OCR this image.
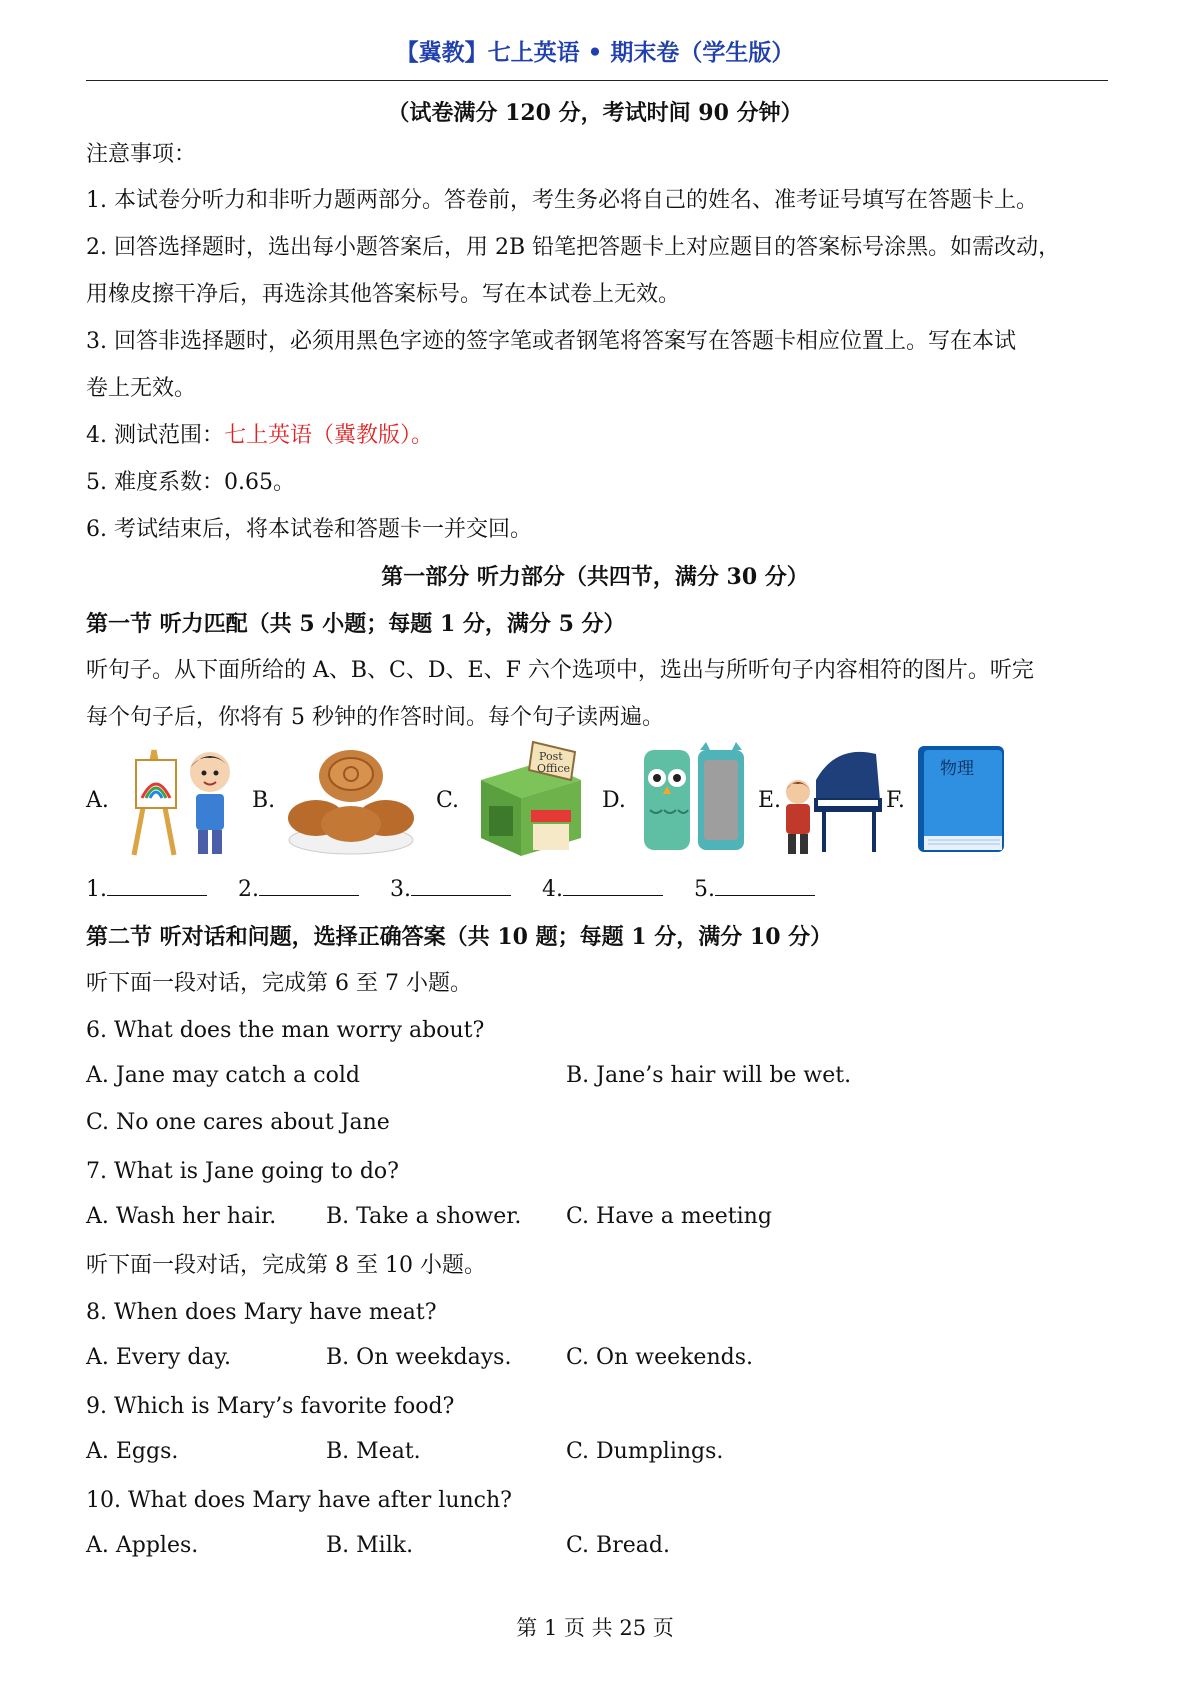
【冀教】七上英语 • 期末卷（学生版）
（试卷满分 120 分，考试时间 90 分钟）
注意事项：
1. 本试卷分听力和非听力题两部分。答卷前，考生务必将自己的姓名、准考证号填写在答题卡上。
2. 回答选择题时，选出每小题答案后，用 2B 铅笔把答题卡上对应题目的答案标号涂黑。如需改动，
用橡皮擦干净后，再选涂其他答案标号。写在本试卷上无效。
3. 回答非选择题时，必须用黑色字迹的签字笔或者钢笔将答案写在答题卡相应位置上。写在本试
卷上无效。
4. 测试范围：七上英语（冀教版）。
5. 难度系数：0.65。
6. 考试结束后，将本试卷和答题卡一并交回。
第一部分 听力部分（共四节，满分 30 分）
第一节 听力匹配（共 5 小题；每题 1 分，满分 5 分）
听句子。从下面所给的 A、B、C、D、E、F 六个选项中，选出与所听句子内容相符的图片。听完
每个句子后，你将有 5 秒钟的作答时间。每个句子读两遍。
A.	B.	C.
Post
Office
D.	E.	F.
物理
1.	2.	3.	4.	5.
第二节 听对话和问题，选择正确答案（共 10 题；每题 1 分，满分 10 分）
听下面一段对话，完成第 6 至 7 小题。
6. What does the man worry about?
A. Jane may catch a cold	B. Jane’s hair will be wet.
C. No one cares about Jane
7. What is Jane going to do?
A. Wash her hair. B. Take a shower. C. Have a meeting
听下面一段对话，完成第 8 至 10 小题。
8. When does Mary have meat?
A. Every day.	B. On weekdays. C. On weekends.
9. Which is Mary’s favorite food?
A. Eggs.	B. Meat.	C. Dumplings.
10. What does Mary have after lunch?
A. Apples.	B. Milk.	C. Bread.
第 1 页 共 25 页
